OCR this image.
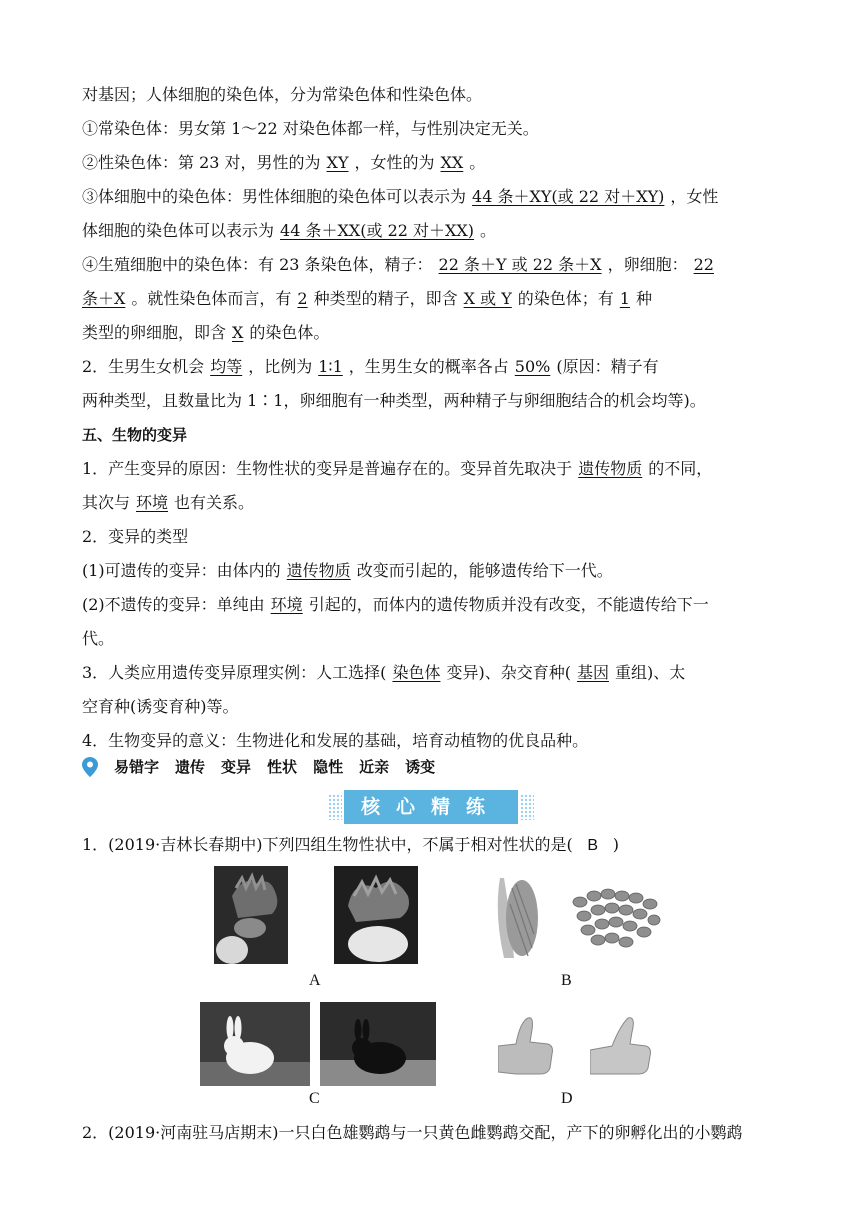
对基因；人体细胞的染色体，分为常染色体和性染色体。
①常染色体：男女第 1～22 对染色体都一样，与性别决定无关。
②性染色体：第 23 对，男性的为 XY ，女性的为 XX 。
③体细胞中的染色体：男性体细胞的染色体可以表示为 44 条＋XY(或 22 对＋XY) ，女性
体细胞的染色体可以表示为 44 条＋XX(或 22 对＋XX) 。
④生殖细胞中的染色体：有 23 条染色体，精子： 22 条＋Y 或 22 条＋X ，卵细胞： 22
条＋X 。就性染色体而言，有 2 种类型的精子，即含 X 或 Y 的染色体；有 1 种
类型的卵细胞，即含 X 的染色体。
2．生男生女机会 均等 ，比例为 1∶1 ，生男生女的概率各占 50% (原因：精子有
两种类型，且数量比为 1∶1，卵细胞有一种类型，两种精子与卵细胞结合的机会均等)。
五、生物的变异
1．产生变异的原因：生物性状的变异是普遍存在的。变异首先取决于 遗传物质 的不同，
其次与 环境 也有关系。
2．变异的类型
(1)可遗传的变异：由体内的 遗传物质 改变而引起的，能够遗传给下一代。
(2)不遗传的变异：单纯由 环境 引起的，而体内的遗传物质并没有改变，不能遗传给下一
代。
3．人类应用遗传变异原理实例：人工选择( 染色体 变异)、杂交育种( 基因 重组)、太
空育种(诱变育种)等。
4．生物变异的意义：生物进化和发展的基础，培育动植物的优良品种。
易错字 遗传 变异 性状 隐性 近亲 诱变
核心精练
1．(2019·吉林长春期中)下列四组生物性状中，不属于相对性状的是( B )
A	B
C	D
2．(2019·河南驻马店期末)一只白色雄鹦鹉与一只黄色雌鹦鹉交配，产下的卵孵化出的小鹦鹉
